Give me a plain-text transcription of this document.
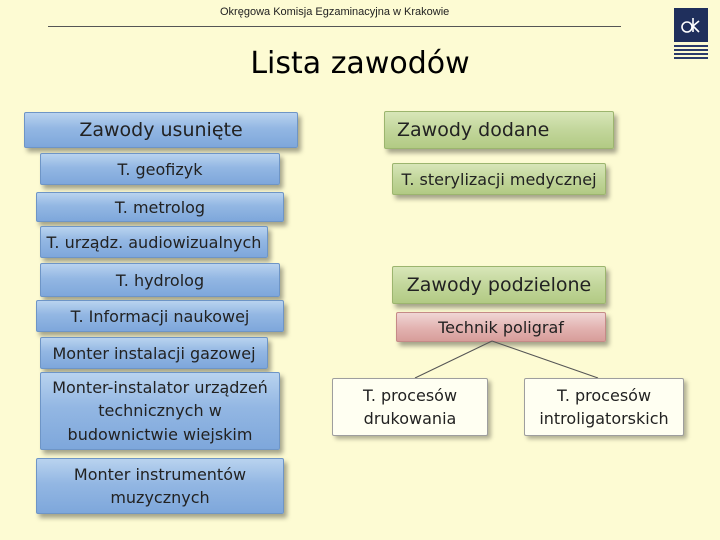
Okręgowa Komisja Egzaminacyjna w Krakowie
Lista zawodów
Zawody usunięte
T. geofizyk
T. metrolog
T. urządz. audiowizualnych
T. hydrolog
T. Informacji naukowej
Monter instalacji gazowej
Monter-instalator urządzeń technicznych w budownictwie wiejskim
Monter instrumentów muzycznych
Zawody dodane
T. sterylizacji medycznej
Zawody podzielone
Technik poligraf
T. procesów drukowania
T. procesów introligatorskich
